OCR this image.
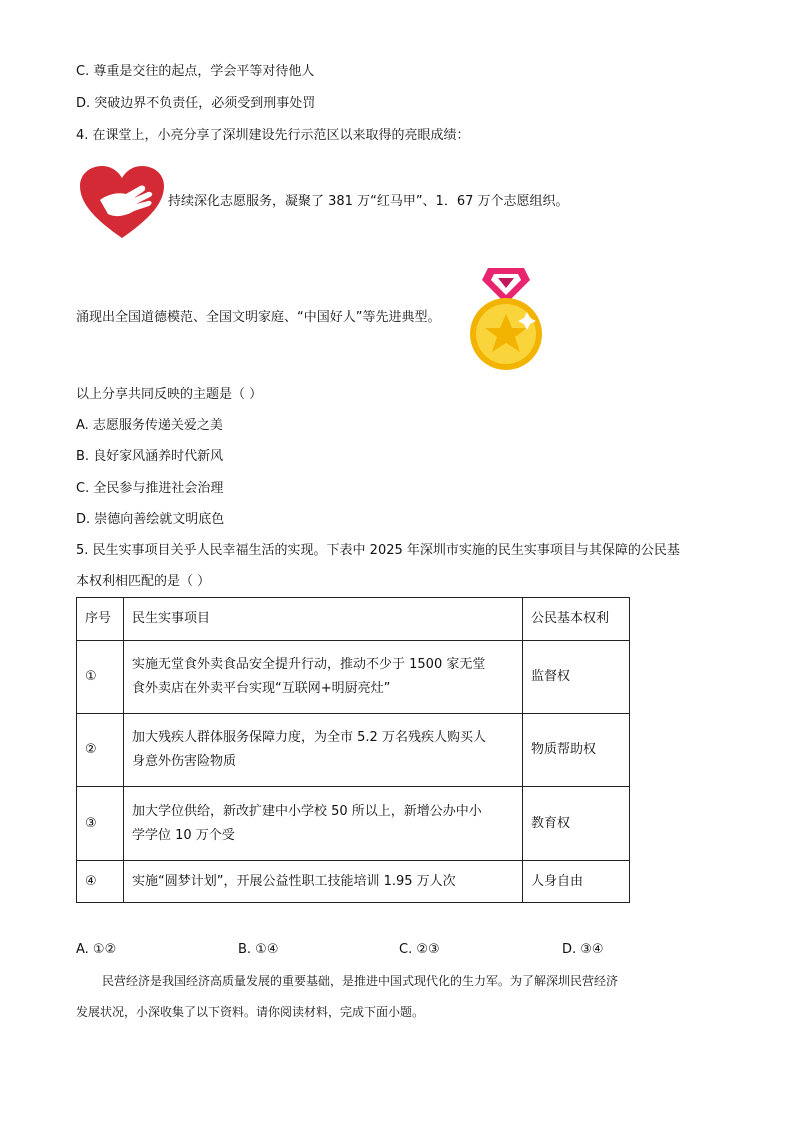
C. 尊重是交往的起点，学会平等对待他人
D. 突破边界不负责任，必须受到刑事处罚
4. 在课堂上，小亮分享了深圳建设先行示范区以来取得的亮眼成绩：
持续深化志愿服务，凝聚了 381 万“红马甲”、1．67 万个志愿组织。
涌现出全国道德模范、全国文明家庭、“中国好人”等先进典型。
以上分享共同反映的主题是（ ）
A. 志愿服务传递关爱之美
B. 良好家风涵养时代新风
C. 全民参与推进社会治理
D. 崇德向善绘就文明底色
5. 民生实事项目关乎人民幸福生活的实现。下表中 2025 年深圳市实施的民生实事项目与其保障的公民基
本权利相匹配的是（ ）
序号	民生实事项目	公民基本权利
①	实施无堂食外卖食品安全提升行动，推动不少于 1500 家无堂
食外卖店在外卖平台实现“互联网+明厨亮灶”	监督权
②	加大残疾人群体服务保障力度，为全市 5.2 万名残疾人购买人
身意外伤害险物质	物质帮助权
③	加大学位供给，新改扩建中小学校 50 所以上，新增公办中小
学学位 10 万个受	教育权
④	实施“圆梦计划”，开展公益性职工技能培训 1.95 万人次	人身自由
A. ①②	B. ①④	C. ②③	D. ③④
民营经济是我国经济高质量发展的重要基础，是推进中国式现代化的生力军。为了解深圳民营经济
发展状况，小深收集了以下资料。请你阅读材料，完成下面小题。
